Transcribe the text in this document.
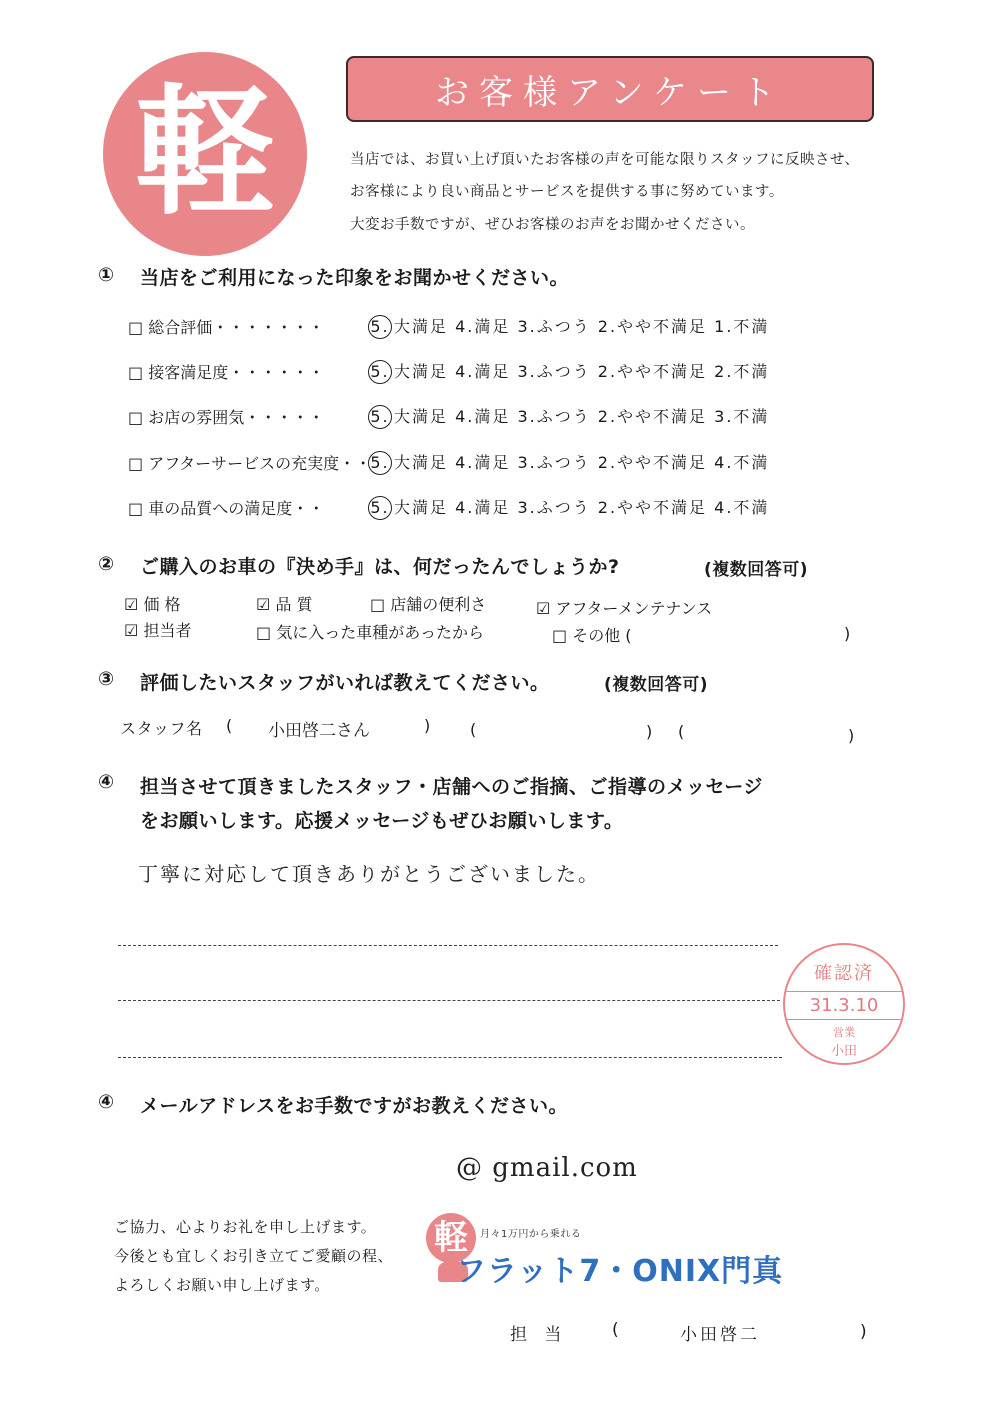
軽	お客様アンケート
当店では、お買い上げ頂いたお客様の声を可能な限りスタッフに反映させ、
お客様により良い商品とサービスを提供する事に努めています。
大変お手数ですが、ぜひお客様のお声をお聞かせください。
① 当店をご利用になった印象をお聞かせください。
□ 総合評価・・・・・・・	5. 大満足 4.満足 3.ふつう 2.やや不満足 1.不満
□ 接客満足度・・・・・・	5. 大満足 4.満足 3.ふつう 2.やや不満足 2.不満
□ お店の雰囲気・・・・・	5. 大満足 4.満足 3.ふつう 2.やや不満足 3.不満
□ アフターサービスの充実度・・ 5. 大満足 4.満足 3.ふつう 2.やや不満足 4.不満
□ 車の品質への満足度・・	5. 大満足 4.満足 3.ふつう 2.やや不満足 4.不満
② ご購入のお車の『決め手』は、何だったんでしょうか?	(複数回答可)
☑ 価 格	☑ 品 質	□ 店舗の便利さ	☑ アフターメンテナンス
☑ 担当者	□ 気に入った車種があったから	□ その他 (	)
③ 評価したいスタッフがいれば教えてください。	(複数回答可)
スタッフ名 ( 小田啓二さん	) (	) (	)
④ 担当させて頂きましたスタッフ・店舗へのご指摘、ご指導のメッセージ
をお願いします。応援メッセージもぜひお願いします。
丁寧に対応して頂きありがとうございました。
確認済
31.3.10
営業
小田
④ メールアドレスをお手数ですがお教えください。
@ gmail.com
ご協力、心よりお礼を申し上げます。
今後とも宜しくお引き立てご愛顧の程、
よろしくお願い申し上げます。
軽	月々1万円から乗れる
フラット7・ONIX門真
担 当	(	小田啓二	)
